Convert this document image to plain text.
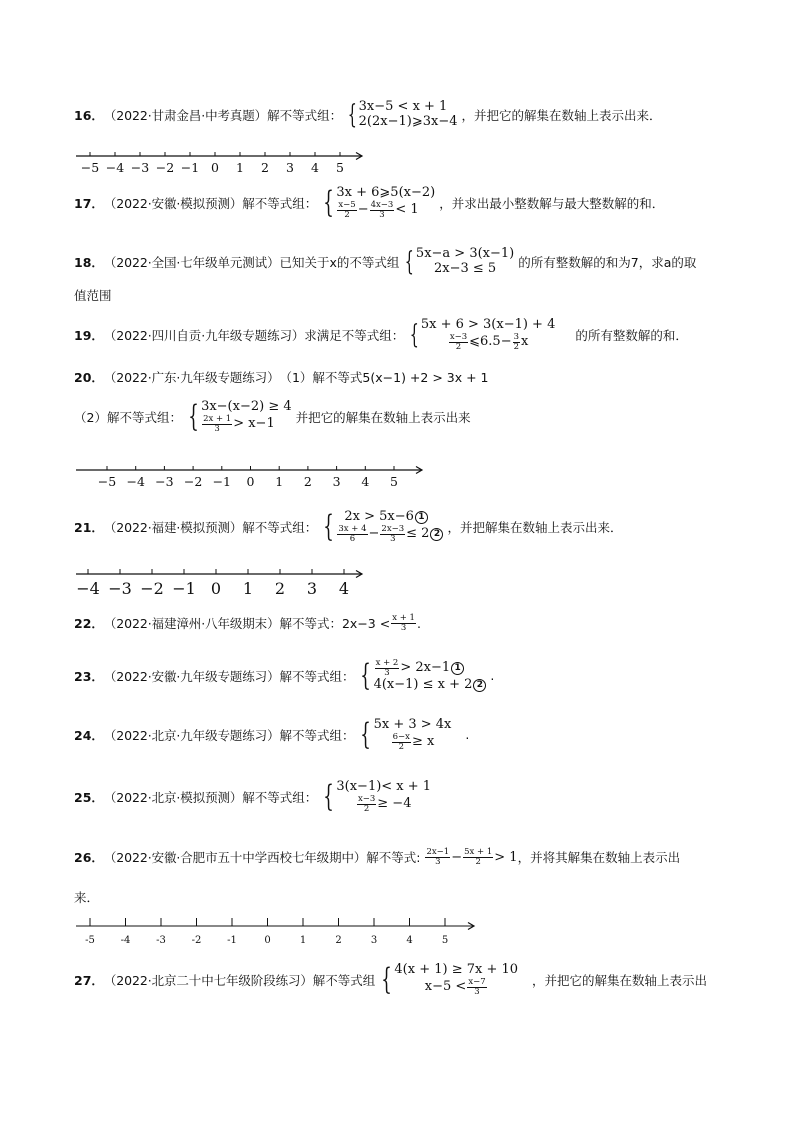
16． （2022·甘肃金昌·中考真题） 解不等式组： { 3x−5 < x + 1
2(2x−1)⩾3x−4 ，并把它的解集在数轴上表示出来．
−5 −4 −3 −2 −1 0 1 2 3 4 5
17． （2022·安徽·模拟预测） 解不等式组： { 3x + 6⩾5(x−2)
$\frac{x-5}{2} - \frac{4x-3}{3} < 1$ ，并求出最小整数解与最大整数解的和．
18． （2022·全国·七年级单元测试） 已知关于x的不等式组 { 5x−a > 3(x−1)
2x−3 ≤ 5 的所有整数解的和为7，求a的取
值范围
19． （2022·四川自贡·九年级专题练习） 求满足不等式组： { 5x + 6 > 3(x−1) + 4
$\frac{x-3}{2}$ ⩽6.5− $\frac{3}{2}$ x	的所有整数解的和．
20． （2022·广东·九年级专题练习） （1）解不等式5(x−1) +2 > 3x + 1
（2）解不等式组： { 3x−(x−2) ≥ 4
$\frac{2x + 1}{3} > x-1$ 并把它的解集在数轴上表示出来
−5 −4 −3 −2 −1 0 1 2 3 4 5
21． （2022·福建·模拟预测） 解不等式组： { 2x > 5x−6 1
$\frac{3x + 4}{6} - \frac{2x-3}{3} \le 2$ 2 ，并把解集在数轴上表示出来．
−4 −3 −2 −1 0 1 2 3 4
22． （2022·福建漳州·八年级期末） 解不等式：$2x-3 < \frac{x + 1}{3}$ .
23． （2022·安徽·九年级专题练习） 解不等式组： { $\frac{x + 2}{3} > 2x-1$ 1
4(x−1) ≤ x + 2 2
.
24． （2022·北京·九年级专题练习） 解不等式组： { 5x + 3 > 4x
$\frac{6-x}{2} \ge x$ .
25． （2022·北京·模拟预测） 解不等式组： { 3(x−1)< x + 1
$\frac{x-3}{2} \ge -4$
26． （2022·安徽·合肥市五十中学西校七年级期中） 解不等式: $\frac{2x-1}{3} - \frac{5x + 1}{2} > 1$ ，并将其解集在数轴上表示出
来．
-5	-4	-3	-2	-1	0	1	2	3	4	5
27． （2022·北京二十中七年级阶段练习） 解不等式组 { 4(x + 1) ≥ 7x + 10
$x-5 < \frac{x-7}{3}$	，并把它的解集在数轴上表示出
